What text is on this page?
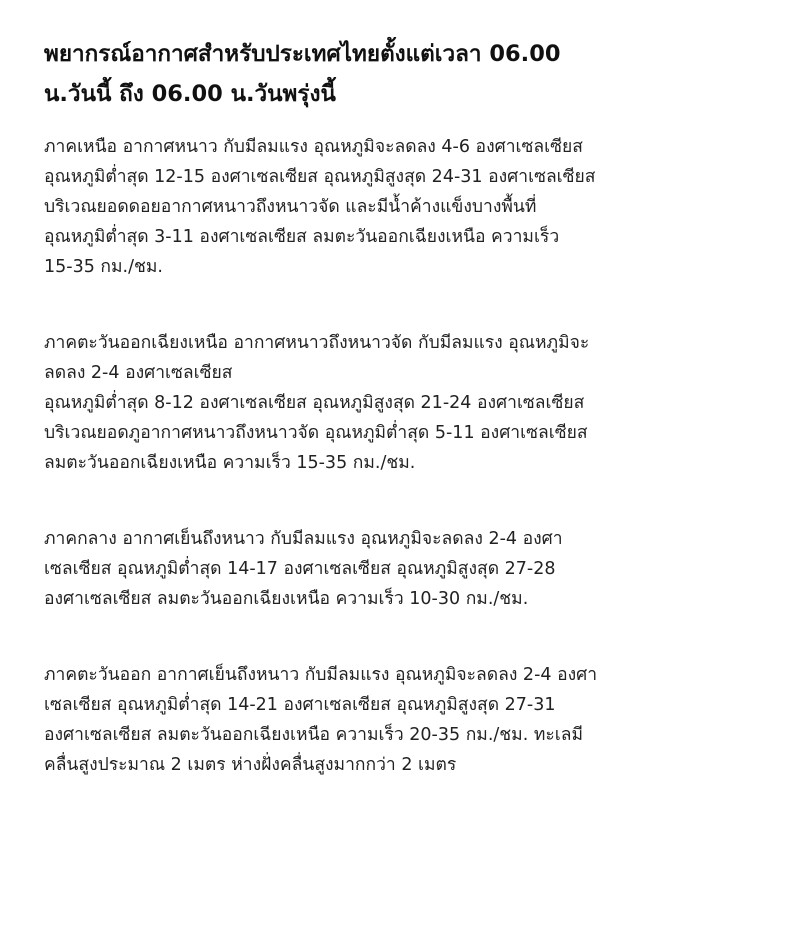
พยากรณ์อากาศสำหรับประเทศไทยตั้งแต่เวลา 06.00
น.วันนี้ ถึง 06.00 น.วันพรุ่งนี้

ภาคเหนือ อากาศหนาว กับมีลมแรง อุณหภูมิจะลดลง 4-6 องศาเซลเซียส
อุณหภูมิต่ำสุด 12-15 องศาเซลเซียส อุณหภูมิสูงสุด 24-31 องศาเซลเซียส
บริเวณยอดดอยอากาศหนาวถึงหนาวจัด และมีน้ำค้างแข็งบางพื้นที่
อุณหภูมิต่ำสุด 3-11 องศาเซลเซียส ลมตะวันออกเฉียงเหนือ ความเร็ว
15-35 กม./ชม.

ภาคตะวันออกเฉียงเหนือ อากาศหนาวถึงหนาวจัด กับมีลมแรง อุณหภูมิจะ
ลดลง 2-4 องศาเซลเซียส
อุณหภูมิต่ำสุด 8-12 องศาเซลเซียส อุณหภูมิสูงสุด 21-24 องศาเซลเซียส
บริเวณยอดภูอากาศหนาวถึงหนาวจัด อุณหภูมิต่ำสุด 5-11 องศาเซลเซียส
ลมตะวันออกเฉียงเหนือ ความเร็ว 15-35 กม./ชม.

ภาคกลาง อากาศเย็นถึงหนาว กับมีลมแรง อุณหภูมิจะลดลง 2-4 องศา
เซลเซียส อุณหภูมิต่ำสุด 14-17 องศาเซลเซียส อุณหภูมิสูงสุด 27-28
องศาเซลเซียส ลมตะวันออกเฉียงเหนือ ความเร็ว 10-30 กม./ชม.

ภาคตะวันออก อากาศเย็นถึงหนาว กับมีลมแรง อุณหภูมิจะลดลง 2-4 องศา
เซลเซียส อุณหภูมิต่ำสุด 14-21 องศาเซลเซียส อุณหภูมิสูงสุด 27-31
องศาเซลเซียส ลมตะวันออกเฉียงเหนือ ความเร็ว 20-35 กม./ชม. ทะเลมี
คลื่นสูงประมาณ 2 เมตร ห่างฝั่งคลื่นสูงมากกว่า 2 เมตร
